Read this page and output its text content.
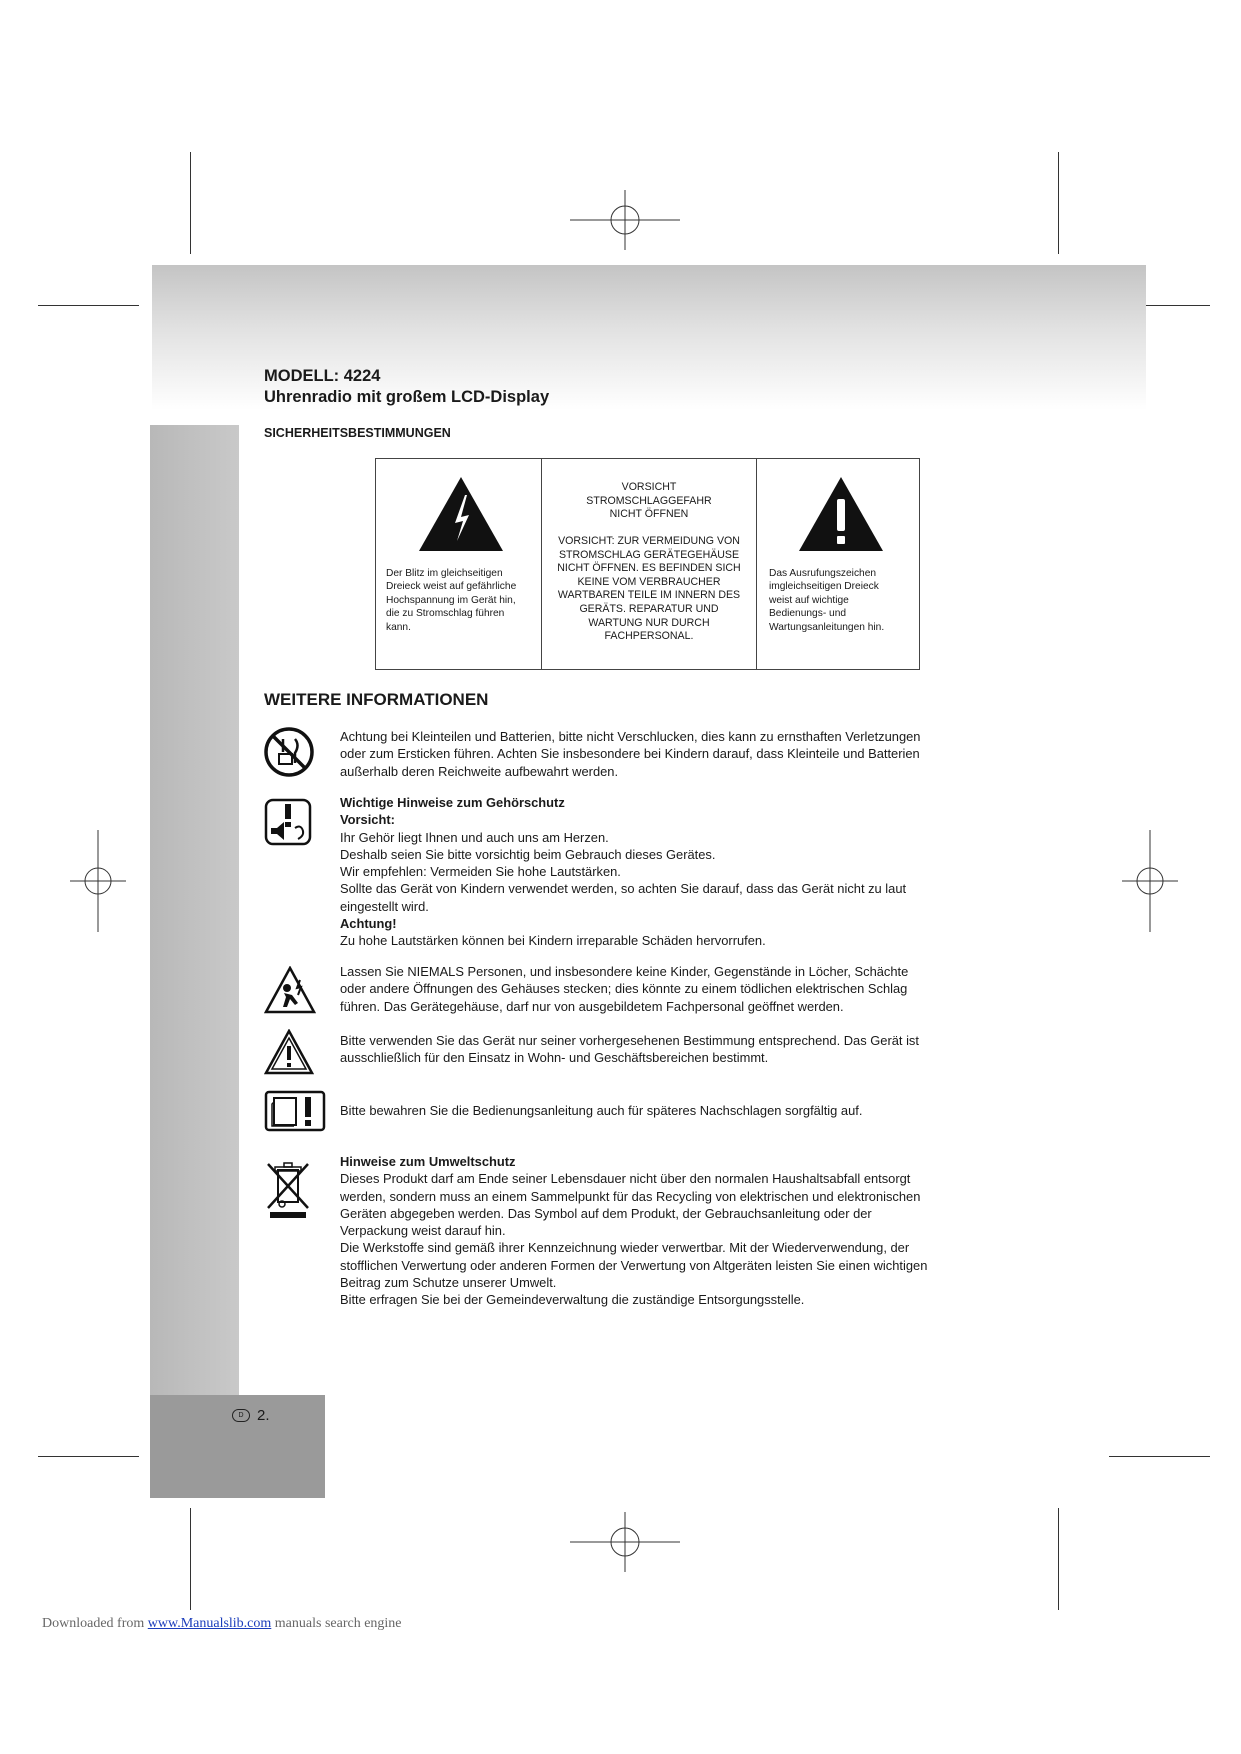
MODELL: 4224
Uhrenradio mit großem LCD-Display
SICHERHEITSBESTIMMUNGEN
Der Blitz im gleichseitigen
Dreieck weist auf gefährliche
Hochspannung im Gerät hin,
die zu Stromschlag führen
kann.
VORSICHT
STROMSCHLAGGEFAHR
NICHT ÖFFNEN
VORSICHT: ZUR VERMEIDUNG VON
STROMSCHLAG GERÄTEGEHÄUSE
NICHT ÖFFNEN. ES BEFINDEN SICH
KEINE VOM VERBRAUCHER
WARTBAREN TEILE IM INNERN DES
GERÄTS. REPARATUR UND
WARTUNG NUR DURCH
FACHPERSONAL.
Das Ausrufungszeichen
imgleichseitigen Dreieck
weist auf wichtige
Bedienungs- und
Wartungsanleitungen hin.
WEITERE INFORMATIONEN
Achtung bei Kleinteilen und Batterien, bitte nicht Verschlucken, dies kann zu ernsthaften Verletzungen
oder zum Ersticken führen. Achten Sie insbesondere bei Kindern darauf, dass Kleinteile und Batterien
außerhalb deren Reichweite aufbewahrt werden.
Wichtige Hinweise zum Gehörschutz
Vorsicht:
Ihr Gehör liegt Ihnen und auch uns am Herzen.
Deshalb seien Sie bitte vorsichtig beim Gebrauch dieses Gerätes.
Wir empfehlen: Vermeiden Sie hohe Lautstärken.
Sollte das Gerät von Kindern verwendet werden, so achten Sie darauf, dass das Gerät nicht zu laut
eingestellt wird.
Achtung!
Zu hohe Lautstärken können bei Kindern irreparable Schäden hervorrufen.
Lassen Sie NIEMALS Personen, und insbesondere keine Kinder, Gegenstände in Löcher, Schächte
oder andere Öffnungen des Gehäuses stecken; dies könnte zu einem tödlichen elektrischen Schlag
führen. Das Gerätegehäuse, darf nur von ausgebildetem Fachpersonal geöffnet werden.
Bitte verwenden Sie das Gerät nur seiner vorhergesehenen Bestimmung entsprechend. Das Gerät ist
ausschließlich für den Einsatz in Wohn- und Geschäftsbereichen bestimmt.
Bitte bewahren Sie die Bedienungsanleitung auch für späteres Nachschlagen sorgfältig auf.
Hinweise zum Umweltschutz
Dieses Produkt darf am Ende seiner Lebensdauer nicht über den normalen Haushaltsabfall entsorgt
werden, sondern muss an einem Sammelpunkt für das Recycling von elektrischen und elektronischen
Geräten abgegeben werden. Das Symbol auf dem Produkt, der Gebrauchsanleitung oder der
Verpackung weist darauf hin.
Die Werkstoffe sind gemäß ihrer Kennzeichnung wieder verwertbar. Mit der Wiederverwendung, der
stofflichen Verwertung oder anderen Formen der Verwertung von Altgeräten leisten Sie einen wichtigen
Beitrag zum Schutze unserer Umwelt.
Bitte erfragen Sie bei der Gemeindeverwaltung die zuständige Entsorgungsstelle.
D 2.
Downloaded from www.Manualslib.com manuals search engine
